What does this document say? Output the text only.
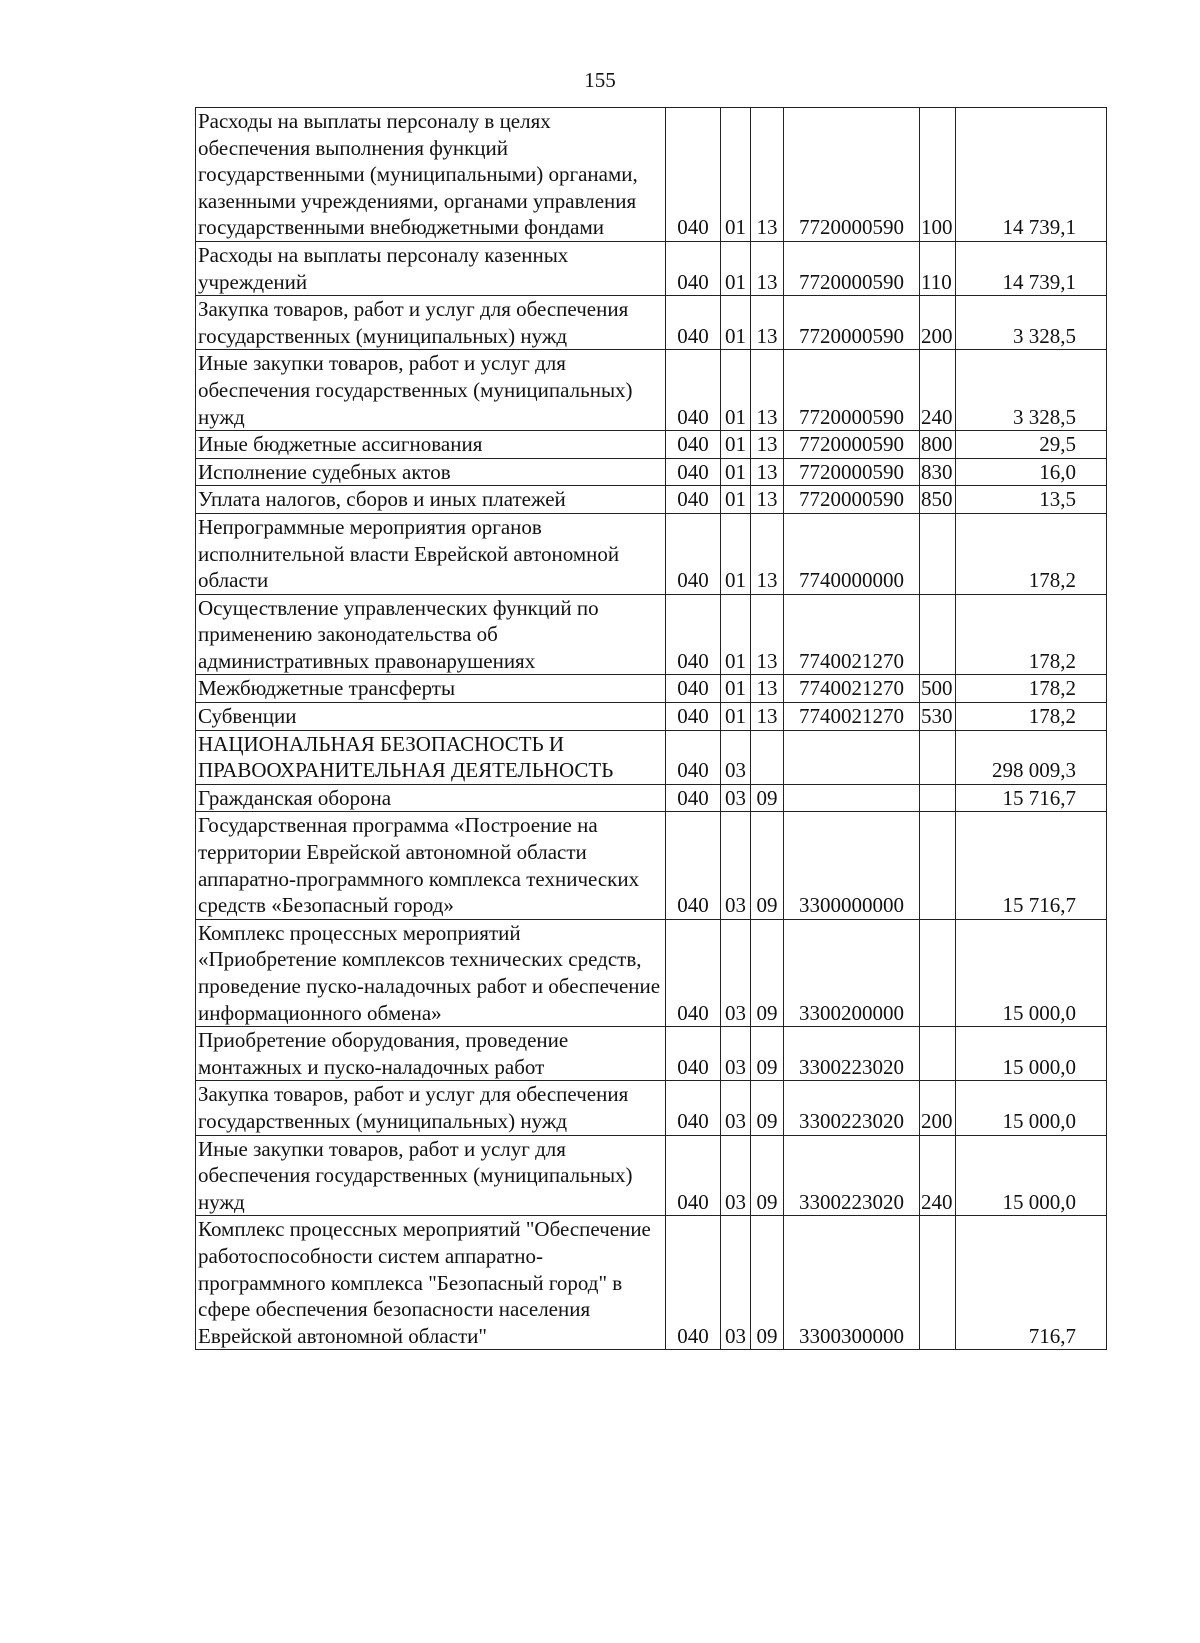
155
Расходы на выплаты персоналу в целях обеспечения выполнения функций государственными (муниципальными) органами, казенными учреждениями, органами управления государственными внебюджетными фондами	040	01	13	7720000590	100	14 739,1
Расходы на выплаты персоналу казенных учреждений	040	01	13	7720000590	110	14 739,1
Закупка товаров, работ и услуг для обеспечения государственных (муниципальных) нужд	040	01	13	7720000590	200	3 328,5
Иные закупки товаров, работ и услуг для обеспечения государственных (муниципальных) нужд	040	01	13	7720000590	240	3 328,5
Иные бюджетные ассигнования	040	01	13	7720000590	800	29,5
Исполнение судебных актов	040	01	13	7720000590	830	16,0
Уплата налогов, сборов и иных платежей	040	01	13	7720000590	850	13,5
Непрограммные мероприятия органов исполнительной власти Еврейской автономной области	040	01	13	7740000000		178,2
Осуществление управленческих функций по применению законодательства об административных правонарушениях	040	01	13	7740021270		178,2
Межбюджетные трансферты	040	01	13	7740021270	500	178,2
Субвенции	040	01	13	7740021270	530	178,2
НАЦИОНАЛЬНАЯ БЕЗОПАСНОСТЬ И ПРАВООХРАНИТЕЛЬНАЯ ДЕЯТЕЛЬНОСТЬ	040	03				298 009,3
Гражданская оборона	040	03	09			15 716,7
Государственная программа «Построение на территории Еврейской автономной области аппаратно-программного комплекса технических средств «Безопасный город»	040	03	09	3300000000		15 716,7
Комплекс процессных мероприятий «Приобретение комплексов технических средств, проведение пуско-наладочных работ и обеспечение информационного обмена»	040	03	09	3300200000		15 000,0
Приобретение оборудования, проведение монтажных и пуско-наладочных работ	040	03	09	3300223020		15 000,0
Закупка товаров, работ и услуг для обеспечения государственных (муниципальных) нужд	040	03	09	3300223020	200	15 000,0
Иные закупки товаров, работ и услуг для обеспечения государственных (муниципальных) нужд	040	03	09	3300223020	240	15 000,0
Комплекс процессных мероприятий "Обеспечение работоспособности систем аппаратно-программного комплекса "Безопасный город" в сфере обеспечения безопасности населения Еврейской автономной области"	040	03	09	3300300000		716,7
